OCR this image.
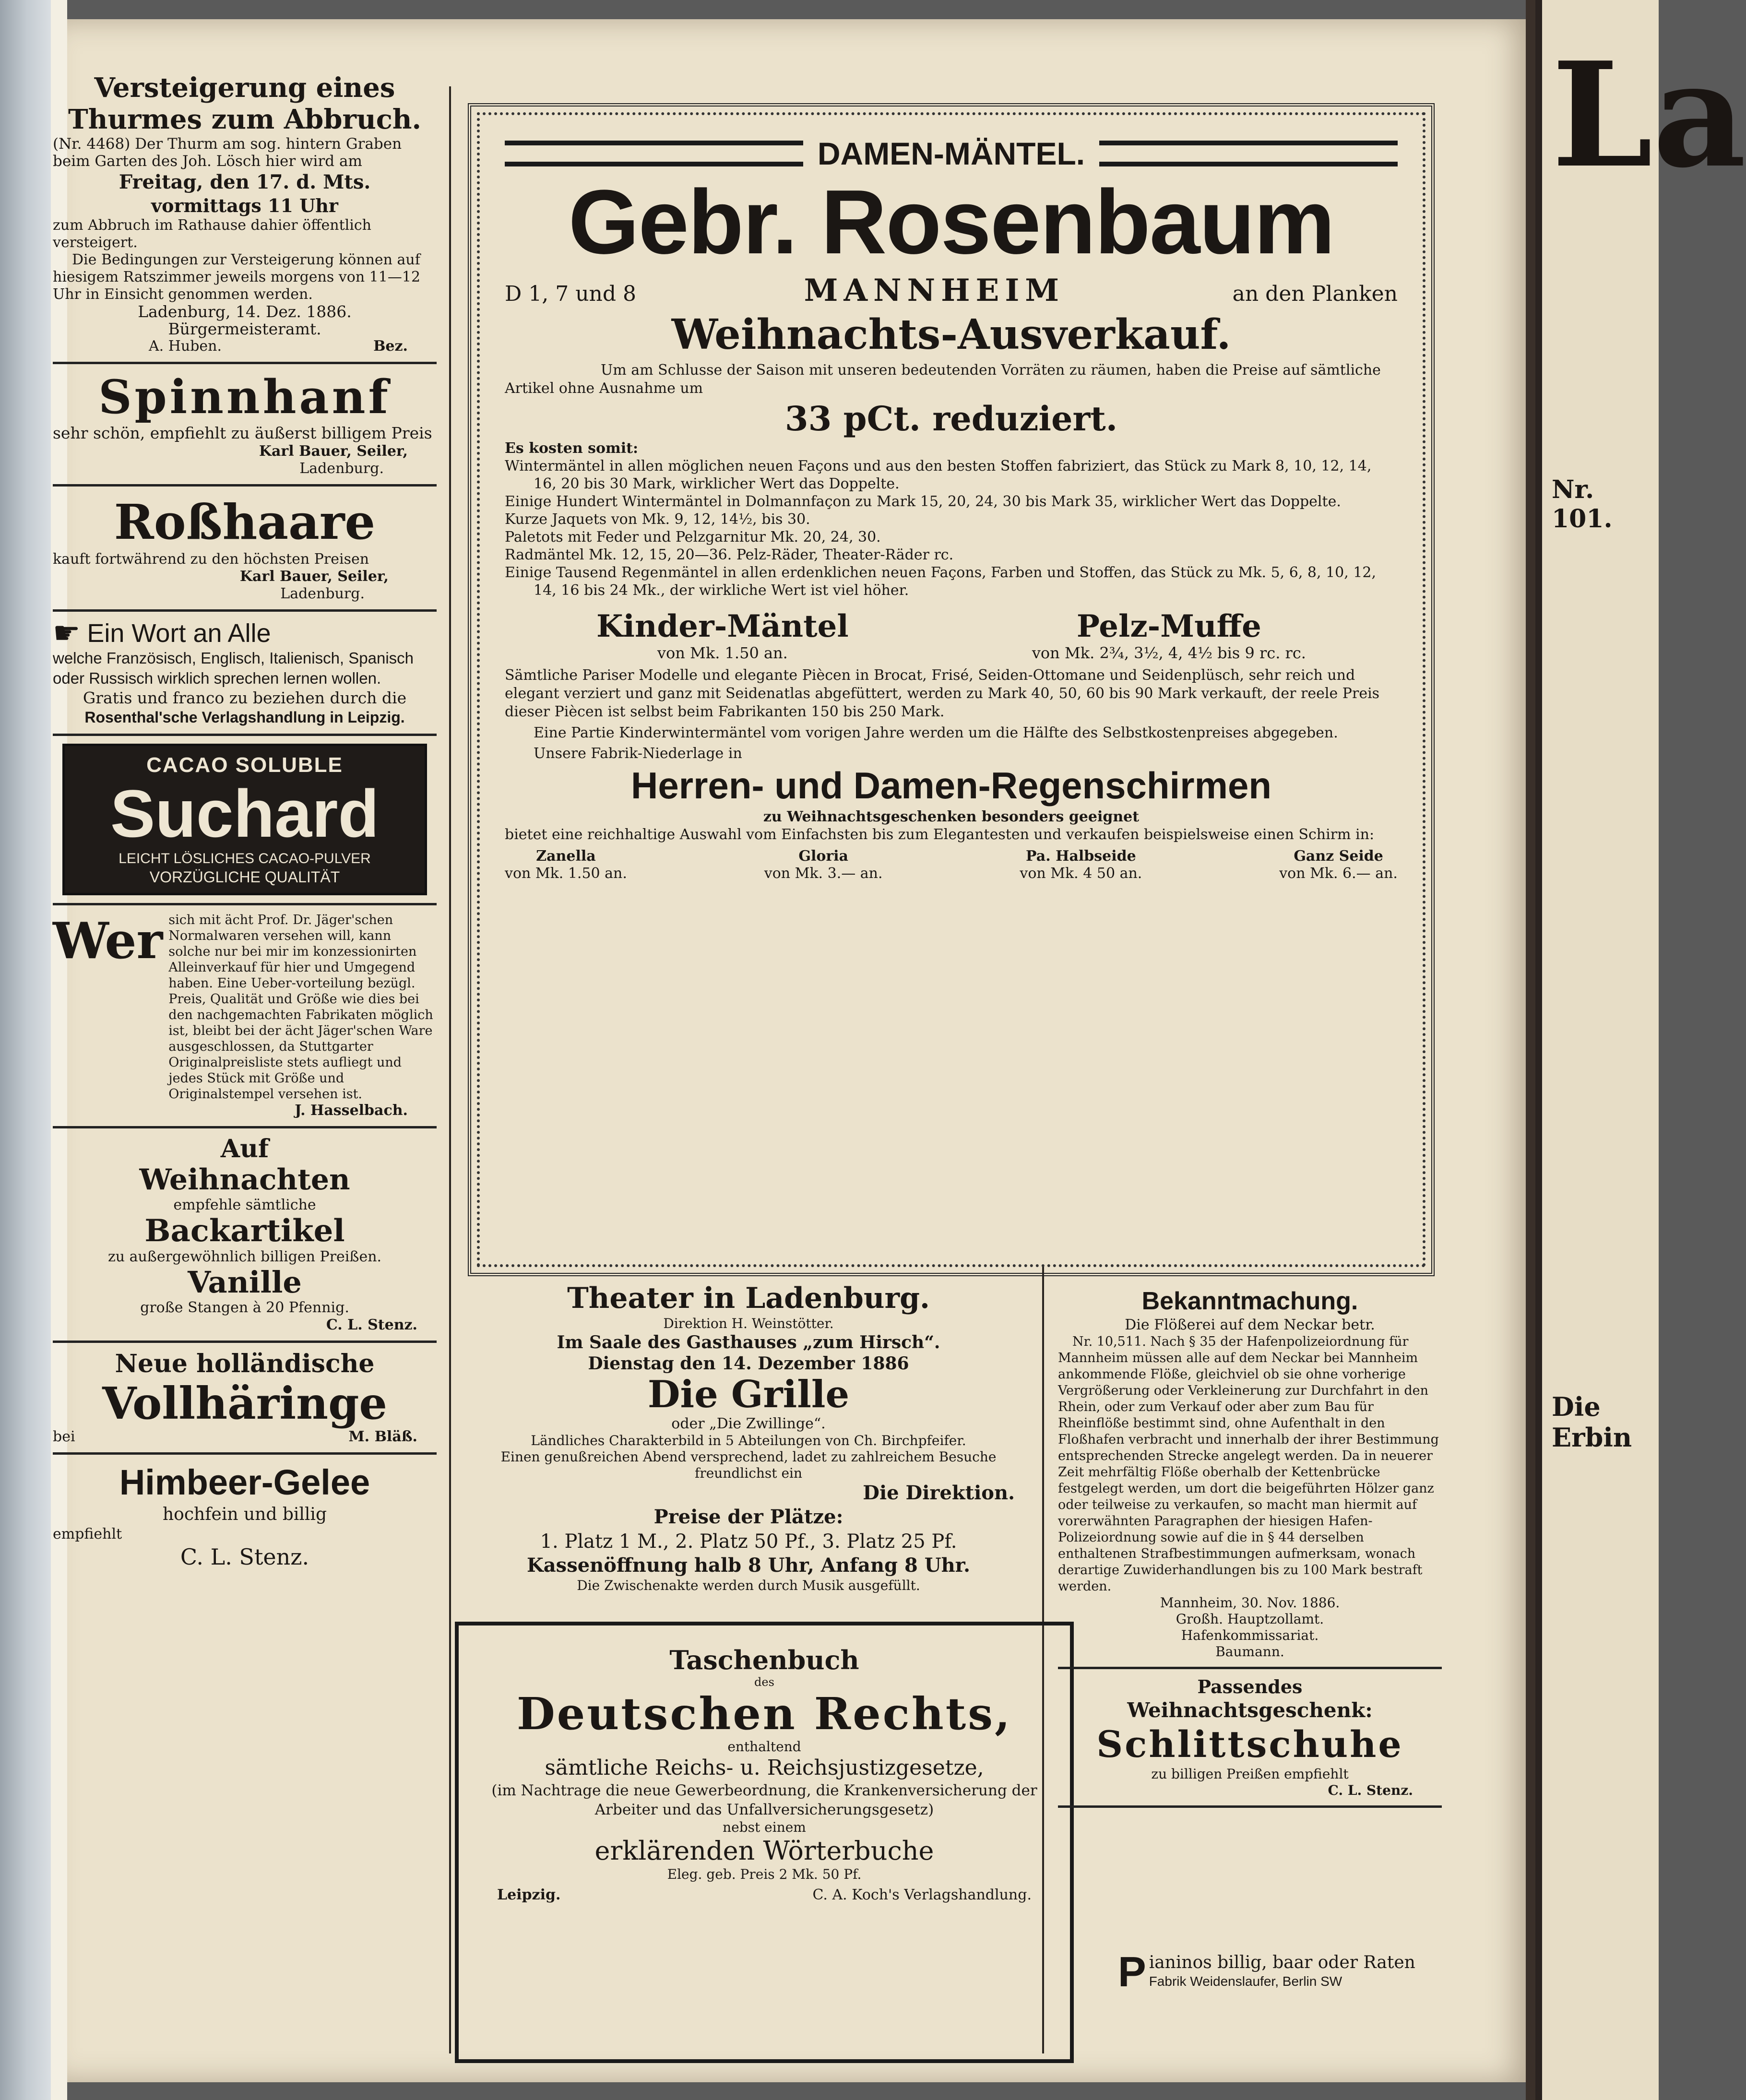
La
Nr. 101.
Die Erbin
Versteigerung eines
Thurmes zum Abbruch.
(Nr. 4468) Der Thurm am sog. hintern Graben beim Garten des Joh. Lösch hier wird am
Freitag, den 17. d. Mts.
vormittags 11 Uhr
zum Abbruch im Rathause dahier öffentlich versteigert.
Die Bedingungen zur Versteigerung können auf hiesigem Ratszimmer jeweils morgens von 11—12 Uhr in Einsicht genommen werden.
Ladenburg, 14. Dez. 1886.
Bürgermeisteramt.
A. Huben.	Bez.
Spinnhanf
sehr schön, empfiehlt zu äußerst billigem Preis
Karl Bauer, Seiler,
Ladenburg.
Roßhaare
kauft fortwährend zu den höchsten Preisen
Karl Bauer, Seiler,
Ladenburg.
☛ Ein Wort an Alle
welche Französisch, Englisch, Italienisch, Spanisch oder Russisch wirklich sprechen lernen wollen.
Gratis und franco zu beziehen durch die
Rosenthal'sche Verlagshandlung in Leipzig.
CACAO SOLUBLE
Suchard
LEICHT LÖSLICHES CACAO-PULVER
VORZÜGLICHE QUALITÄT
Wer sich mit ächt Prof. Dr. Jäger'schen Normalwaren versehen will, kann solche nur bei mir im konzessionirten Alleinverkauf für hier und Umgegend haben. Eine Ueber-vorteilung bezügl. Preis, Qualität und Größe wie dies bei den nachgemachten Fabrikaten möglich ist, bleibt bei der ächt Jäger'schen Ware ausgeschlossen, da Stuttgarter Originalpreisliste stets aufliegt und jedes Stück mit Größe und Originalstempel versehen ist.
J. Hasselbach.
Auf
Weihnachten
empfehle sämtliche
Backartikel
zu außergewöhnlich billigen Preißen.
Vanille
große Stangen à 20 Pfennig.
C. L. Stenz.
Neue holländische
Vollhäringe
bei	M. Bläß.
Himbeer-Gelee
hochfein und billig
empfiehlt
C. L. Stenz.
DAMEN-MÄNTEL.
Gebr. Rosenbaum
D 1, 7 und 8	MANNHEIM	an den Planken
Weihnachts-Ausverkauf.
Um am Schlusse der Saison mit unseren bedeutenden Vorräten zu räumen, haben die Preise auf sämtliche Artikel ohne Ausnahme um
33 pCt. reduziert.
Es kosten somit:
Wintermäntel in allen möglichen neuen Façons und aus den besten Stoffen fabriziert, das Stück zu Mark 8, 10, 12, 14, 16, 20 bis 30 Mark, wirklicher Wert das Doppelte.
Einige Hundert Wintermäntel in Dolmannfaçon zu Mark 15, 20, 24, 30 bis Mark 35, wirklicher Wert das Doppelte.
Kurze Jaquets von Mk. 9, 12, 14½, bis 30.
Paletots mit Feder und Pelzgarnitur Mk. 20, 24, 30.
Radmäntel Mk. 12, 15, 20—36. Pelz-Räder, Theater-Räder rc.
Einige Tausend Regenmäntel in allen erdenklichen neuen Façons, Farben und Stoffen, das Stück zu Mk. 5, 6, 8, 10, 12, 14, 16 bis 24 Mk., der wirkliche Wert ist viel höher.
Kinder-Mäntel
von Mk. 1.50 an.
Pelz-Muffe
von Mk. 2¾, 3½, 4, 4½ bis 9 rc. rc.
Sämtliche Pariser Modelle und elegante Piècen in Brocat, Frisé, Seiden-Ottomane und Seidenplüsch, sehr reich und elegant verziert und ganz mit Seidenatlas abgefüttert, werden zu Mark 40, 50, 60 bis 90 Mark verkauft, der reele Preis dieser Piècen ist selbst beim Fabrikanten 150 bis 250 Mark.
Eine Partie Kinderwintermäntel vom vorigen Jahre werden um die Hälfte des Selbstkostenpreises abgegeben.
Unsere Fabrik-Niederlage in
Herren- und Damen-Regenschirmen
zu Weihnachtsgeschenken besonders geeignet
bietet eine reichhaltige Auswahl vom Einfachsten bis zum Elegantesten und verkaufen beispielsweise einen Schirm in:
Zanella
von Mk. 1.50 an.
Gloria
von Mk. 3.— an.
Pa. Halbseide
von Mk. 4 50 an.
Ganz Seide
von Mk. 6.— an.
Theater in Ladenburg.
Direktion H. Weinstötter.
Im Saale des Gasthauses „zum Hirsch“.
Dienstag den 14. Dezember 1886
Die Grille
oder „Die Zwillinge“.
Ländliches Charakterbild in 5 Abteilungen von Ch. Birchpfeifer.
Einen genußreichen Abend versprechend, ladet zu zahlreichem Besuche freundlichst ein
Die Direktion.
Preise der Plätze:
1. Platz 1 M., 2. Platz 50 Pf., 3. Platz 25 Pf.
Kassenöffnung halb 8 Uhr, Anfang 8 Uhr.
Die Zwischenakte werden durch Musik ausgefüllt.
Taschenbuch
des
Deutschen Rechts,
enthaltend
sämtliche Reichs- u. Reichsjustizgesetze,
(im Nachtrage die neue Gewerbeordnung, die Krankenversicherung der Arbeiter und das Unfallversicherungsgesetz)
nebst einem
erklärenden Wörterbuche
Eleg. geb. Preis 2 Mk. 50 Pf.
Leipzig.	C. A. Koch's Verlagshandlung.
Bekanntmachung.
Die Flößerei auf dem Neckar betr.
Nr. 10,511. Nach § 35 der Hafenpolizeiordnung für Mannheim müssen alle auf dem Neckar bei Mannheim ankommende Flöße, gleichviel ob sie ohne vorherige Vergrößerung oder Verkleinerung zur Durchfahrt in den Rhein, oder zum Verkauf oder aber zum Bau für Rheinflöße bestimmt sind, ohne Aufenthalt in den Floßhafen verbracht und innerhalb der ihrer Bestimmung entsprechenden Strecke angelegt werden. Da in neuerer Zeit mehrfältig Flöße oberhalb der Kettenbrücke festgelegt werden, um dort die beigeführten Hölzer ganz oder teilweise zu verkaufen, so macht man hiermit auf vorerwähnten Paragraphen der hiesigen Hafen-Polizeiordnung sowie auf die in § 44 derselben enthaltenen Strafbestimmungen aufmerksam, wonach derartige Zuwiderhandlungen bis zu 100 Mark bestraft werden.
Mannheim, 30. Nov. 1886.
Großh. Hauptzollamt.
Hafenkommissariat.
Baumann.
Passendes
Weihnachtsgeschenk:
Schlittschuhe
zu billigen Preißen empfiehlt
C. L. Stenz.
P ianinos billig, baar oder Raten
Fabrik Weidenslaufer, Berlin SW
